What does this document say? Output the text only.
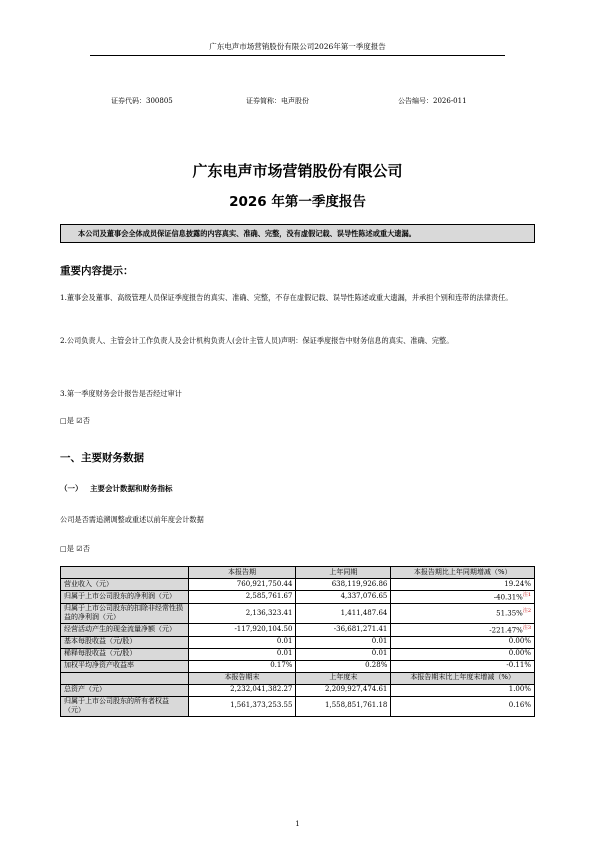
广东电声市场营销股份有限公司2026年第一季度报告
证券代码：300805	证券简称：电声股份	公告编号：2026-011
广东电声市场营销股份有限公司
2026 年第一季度报告
本公司及董事会全体成员保证信息披露的内容真实、准确、完整，没有虚假记载、误导性陈述或重大遗漏。
重要内容提示：
1.董事会及董事、高级管理人员保证季度报告的真实、准确、完整，不存在虚假记载、误导性陈述或重大遗漏，并承担个别和连带的法律责任。
2.公司负责人、主管会计工作负责人及会计机构负责人(会计主管人员)声明：保证季度报告中财务信息的真实、准确、完整。
3.第一季度财务会计报告是否经过审计
□是 ☑否
一、主要财务数据
（一） 主要会计数据和财务指标
公司是否需追溯调整或重述以前年度会计数据
□是 ☑否
	本报告期	上年同期	本报告期比上年同期增减（%）
营业收入（元）	760,921,750.44	638,119,926.86	19.24%
归属于上市公司股东的净利润（元）	2,585,761.67	4,337,076.65	-40.31%$^{注1}$
归属于上市公司股东的扣除非经常性损益的净利润（元）	2,136,323.41	1,411,487.64	51.35%$^{注2}$
经营活动产生的现金流量净额（元）	-117,920,104.50	-36,681,271.41	-221.47%$^{注3}$
基本每股收益（元/股）	0.01	0.01	0.00%
稀释每股收益（元/股）	0.01	0.01	0.00%
加权平均净资产收益率	0.17%	0.28%	-0.11%
	本报告期末	上年度末	本报告期末比上年度末增减（%）
总资产（元）	2,232,041,382.27	2,209,927,474.61	1.00%
归属于上市公司股东的所有者权益（元）	1,561,373,253.55	1,558,851,761.18	0.16%
1
